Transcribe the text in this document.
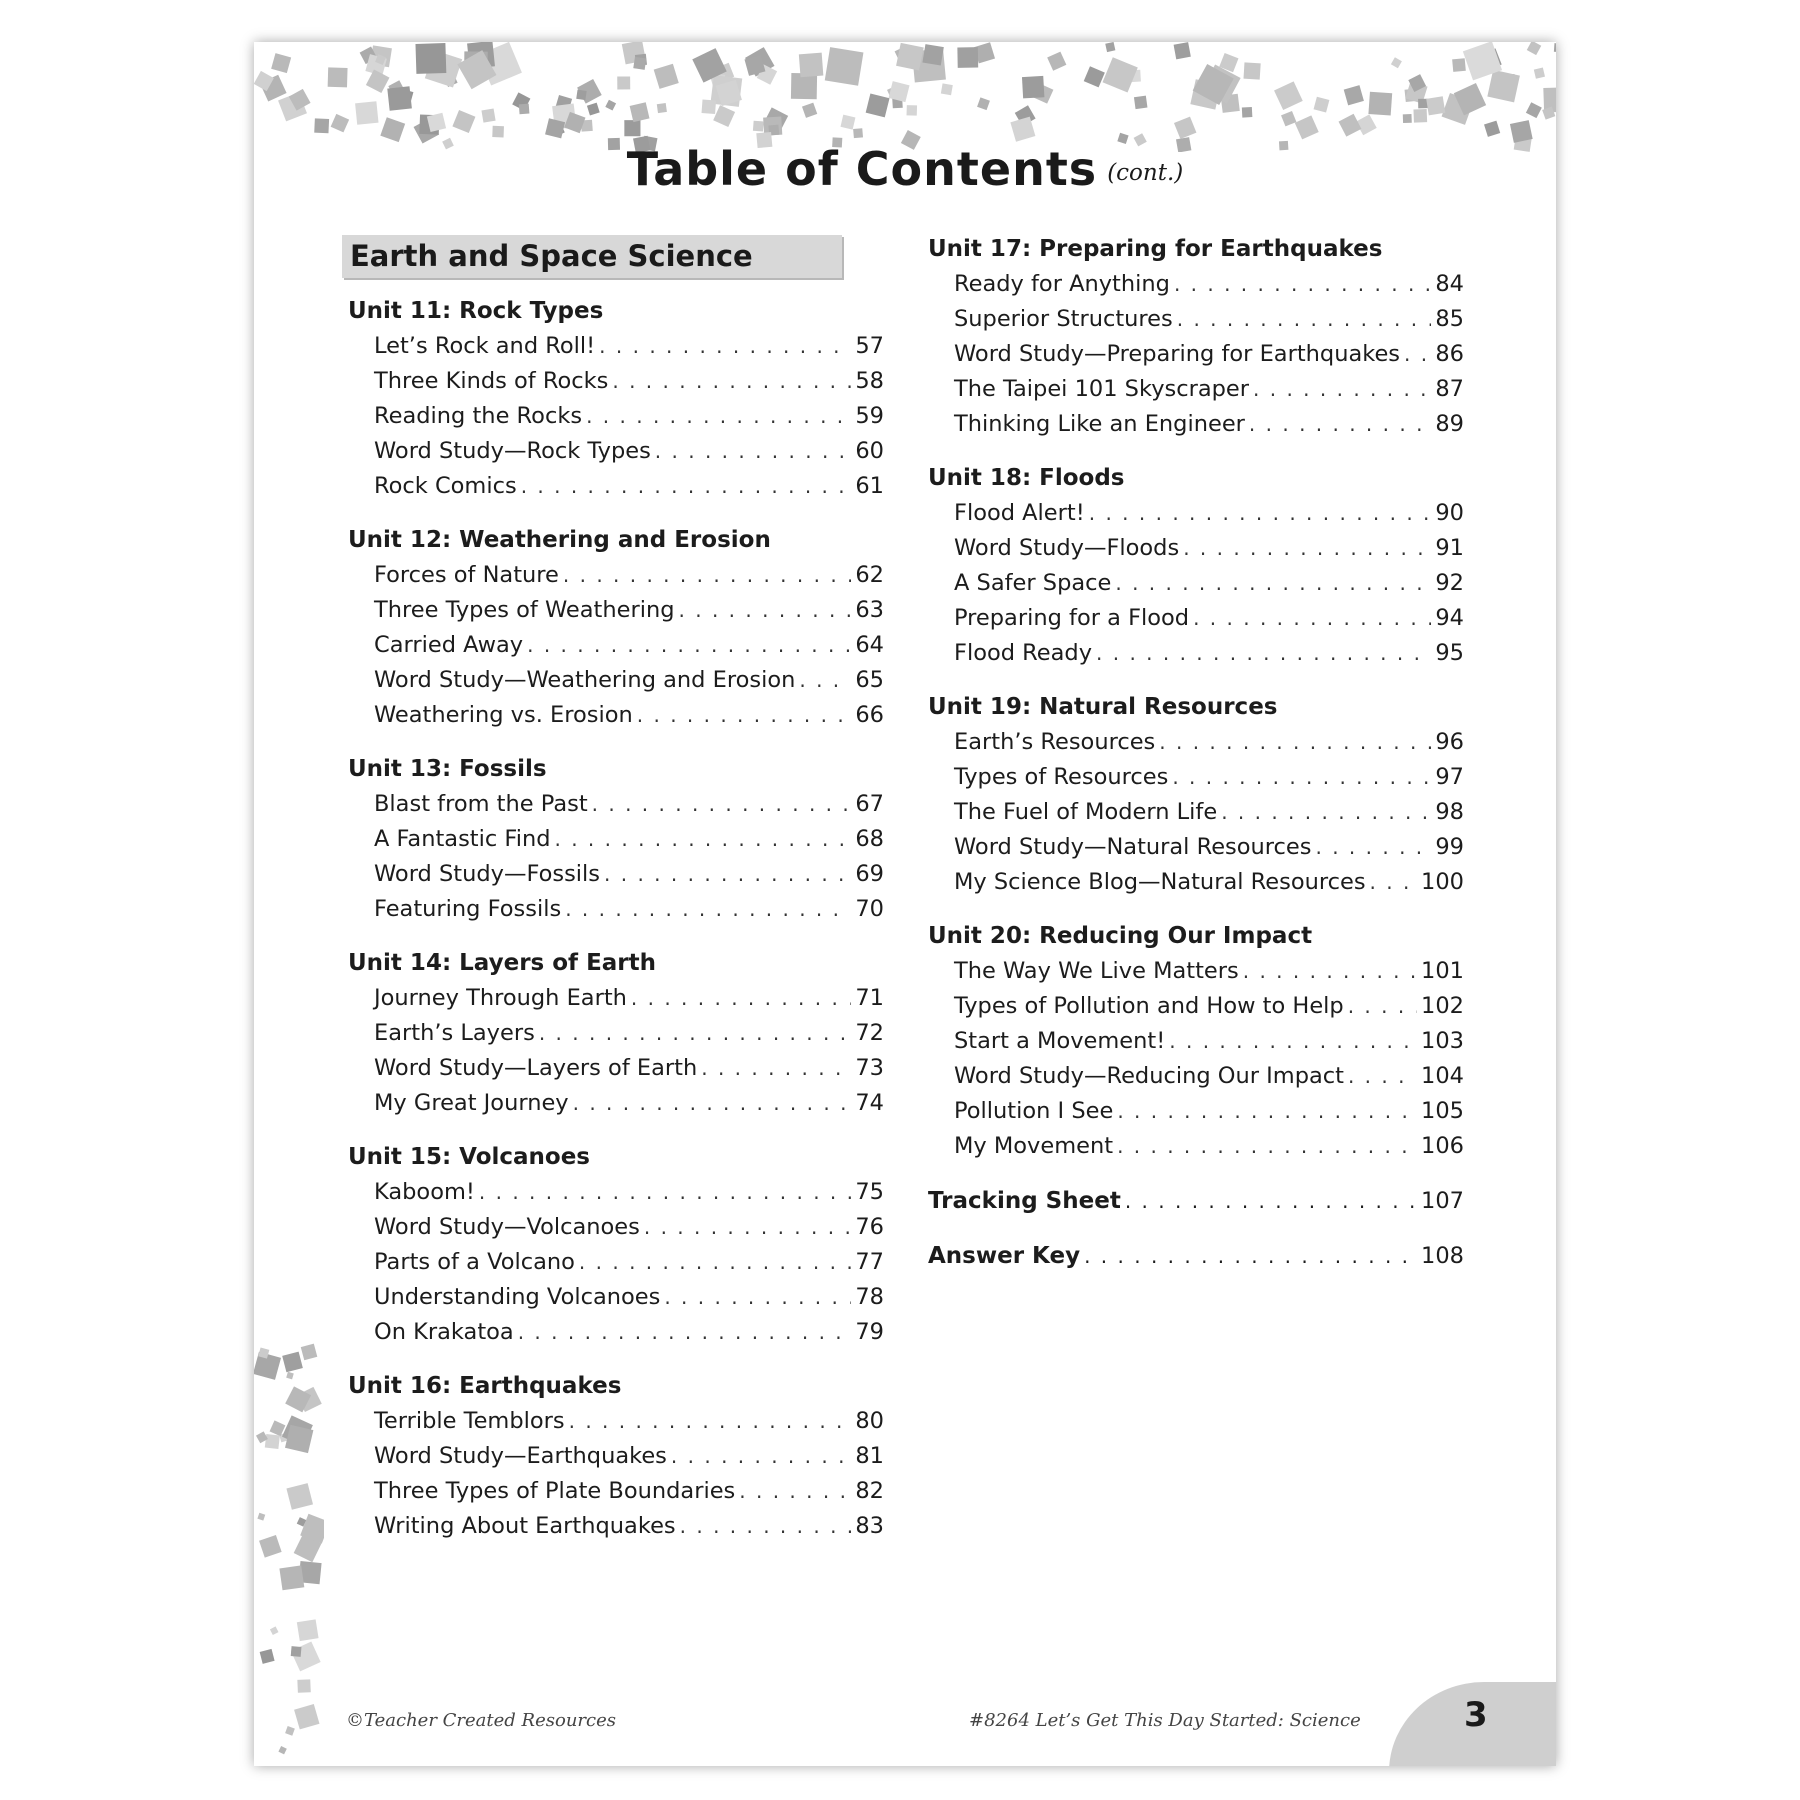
Table of Contents (cont.)
Earth and Space Science
Unit 11: Rock Types
Let’s Rock and Roll! . . .	57
Three Kinds of Rocks . . .	58
Reading the Rocks . . .	59
Word Study—Rock Types . . .	60
Rock Comics . . .	61
Unit 12: Weathering and Erosion
Forces of Nature . . .	62
Three Types of Weathering . . .	63
Carried Away . . .	64
Word Study—Weathering and Erosion . . .	65
Weathering vs. Erosion . . .	66
Unit 13: Fossils
Blast from the Past . . .	67
A Fantastic Find . . .	68
Word Study—Fossils . . .	69
Featuring Fossils . . .	70
Unit 14: Layers of Earth
Journey Through Earth . . .	71
Earth’s Layers . . .	72
Word Study—Layers of Earth . . .	73
My Great Journey . . .	74
Unit 15: Volcanoes
Kaboom! . . .	75
Word Study—Volcanoes . . .	76
Parts of a Volcano . . .	77
Understanding Volcanoes . . .	78
On Krakatoa . . .	79
Unit 16: Earthquakes
Terrible Temblors . . .	80
Word Study—Earthquakes . . .	81
Three Types of Plate Boundaries . . .	82
Writing About Earthquakes . . .	83
Unit 17: Preparing for Earthquakes
Ready for Anything . . .	84
Superior Structures . . .	85
Word Study—Preparing for Earthquakes . . . 86
The Taipei 101 Skyscraper . . .	87
Thinking Like an Engineer . . .	89
Unit 18: Floods
Flood Alert! . . .	90
Word Study—Floods . . .	91
A Safer Space . . .	92
Preparing for a Flood . . .	94
Flood Ready . . .	95
Unit 19: Natural Resources
Earth’s Resources . . .	96
Types of Resources . . .	97
The Fuel of Modern Life . . .	98
Word Study—Natural Resources . . .	99
My Science Blog—Natural Resources . . . 100
Unit 20: Reducing Our Impact
The Way We Live Matters . . .	101
Types of Pollution and How to Help . . .	102
Start a Movement! . . .	103
Word Study—Reducing Our Impact . . .	104
Pollution I See . . .	105
My Movement . . .	106
Tracking Sheet . . .	107
Answer Key . . .	108
©Teacher Created Resources	#8264 Let’s Get This Day Started: Science	3
